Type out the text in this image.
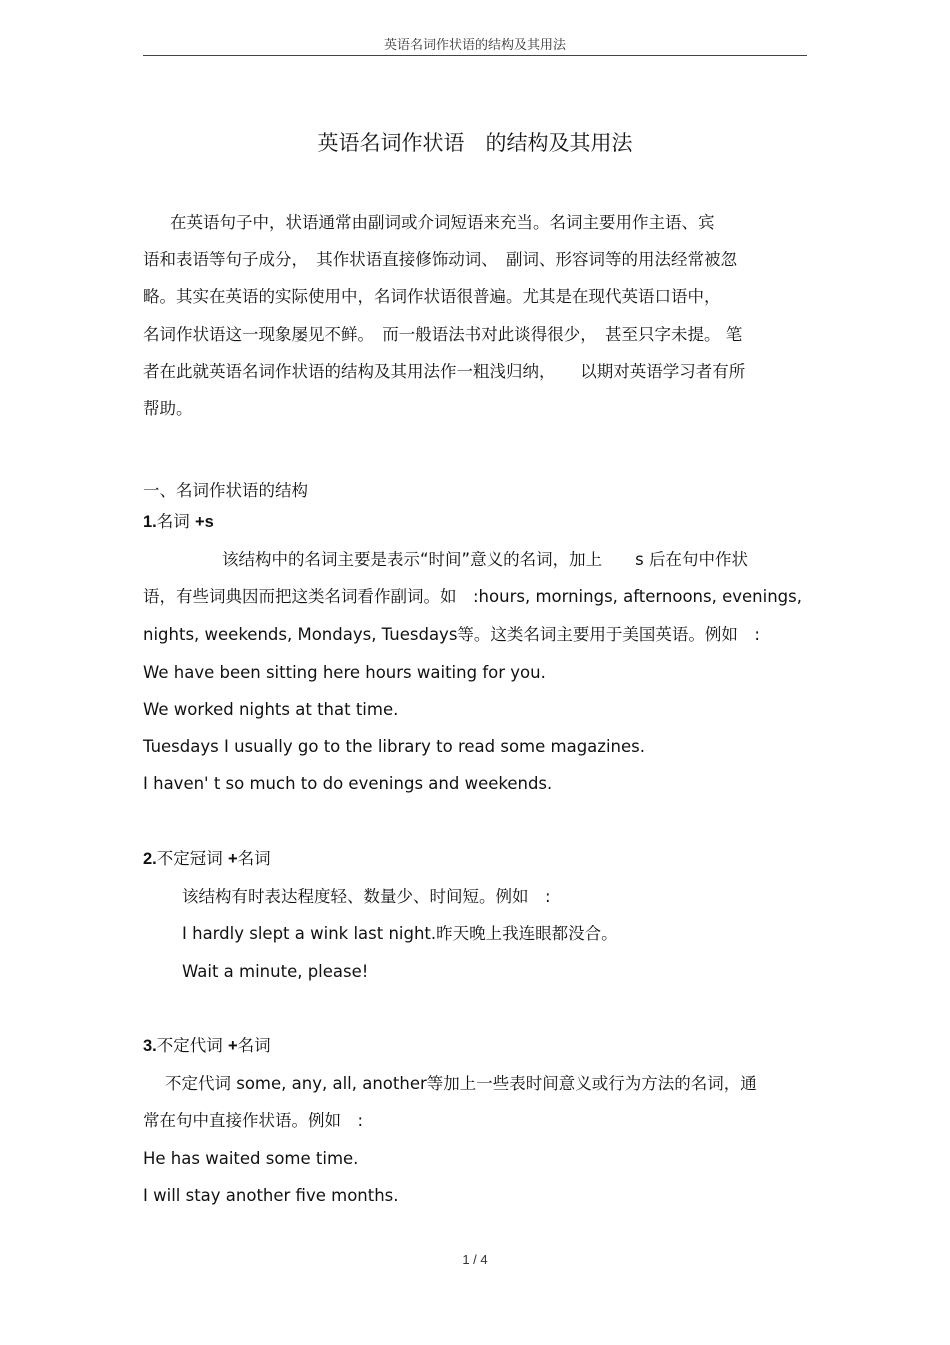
英语名词作状语的结构及其用法
英语名词作状语　的结构及其用法
在英语句子中，状语通常由副词或介词短语来充当。名词主要用作主语、宾
语和表语等句子成分，　其作状语直接修饰动词、　副词、形容词等的用法经常被忽
略。其实在英语的实际使用中，名词作状语很普遍。尤其是在现代英语口语中，
名词作状语这一现象屡见不鲜。　而一般语法书对此谈得很少，　甚至只字未提。 笔
者在此就英语名词作状语的结构及其用法作一粗浅归纳，　　以期对英语学习者有所
帮助。
一、名词作状语的结构
1.名词 +s
该结构中的名词主要是表示“时间”意义的名词，加上　　s 后在句中作状
语，有些词典因而把这类名词看作副词。如　:hours, mornings, afternoons, evenings,
nights, weekends, Mondays, Tuesdays等。这类名词主要用于美国英语。例如　:
We have been sitting here hours waiting for you.
We worked nights at that time.
Tuesdays I usually go to the library to read some magazines.
I haven' t so much to do evenings and weekends.
2.不定冠词 +名词
该结构有时表达程度轻、数量少、时间短。例如　:
I hardly slept a wink last night.昨天晚上我连眼都没合。
Wait a minute, please!
3.不定代词 +名词
不定代词 some, any, all, another等加上一些表时间意义或行为方法的名词，通
常在句中直接作状语。例如　:
He has waited some time.
I will stay another five months.
1 / 4
